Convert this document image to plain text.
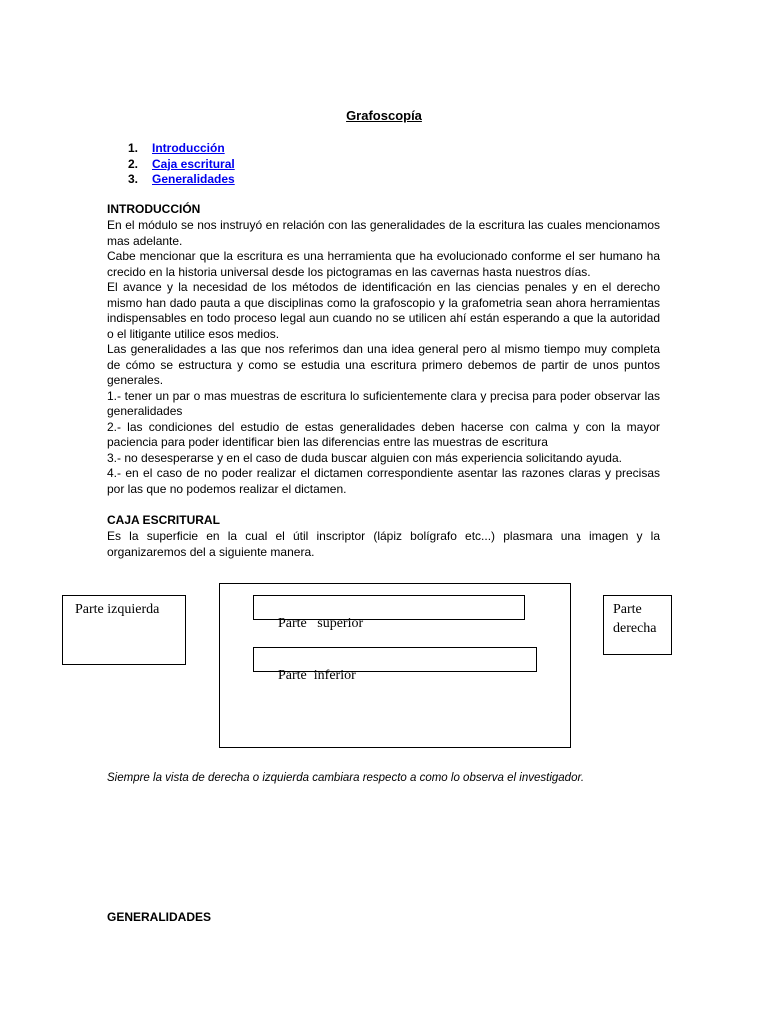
Grafoscopía
1. Introducción
2. Caja escritural
3. Generalidades
INTRODUCCIÓN

En el módulo se nos instruyó en relación con las generalidades de la escritura las cuales mencionamos mas adelante.

Cabe mencionar que la escritura es una herramienta que ha evolucionado conforme el ser humano ha crecido en la historia universal desde los pictogramas en las cavernas hasta nuestros días.

El avance y la necesidad de los métodos de identificación en las ciencias penales y en el derecho mismo han dado pauta a que disciplinas como la grafoscopio y la grafometria sean ahora herramientas indispensables en todo proceso legal aun cuando no se utilicen ahí están esperando a que la autoridad o el litigante utilice esos medios.

Las generalidades a las que nos referimos dan una idea general pero al mismo tiempo muy completa de cómo se estructura y como se estudia una escritura primero debemos de partir de unos puntos generales.

1.- tener un par o mas muestras de escritura lo suficientemente clara y precisa para poder observar las generalidades

2.- las condiciones del estudio de estas generalidades deben hacerse con calma y con la mayor paciencia para poder identificar bien las diferencias entre las muestras de escritura

3.- no desesperarse y en el caso de duda buscar alguien con más experiencia solicitando ayuda.

4.- en el caso de no poder realizar el dictamen correspondiente asentar las razones claras y precisas por las que no podemos realizar el dictamen.

CAJA ESCRITURAL

Es la superficie en la cual el útil inscriptor (lápiz bolígrafo etc...) plasmara una imagen y la organizaremos del a siguiente manera.

Parte izquierda

Parte   superior

Parte  inferior

Parte derecha
Siempre la vista de derecha o izquierda cambiara respecto a como lo observa el investigador.
GENERALIDADES
